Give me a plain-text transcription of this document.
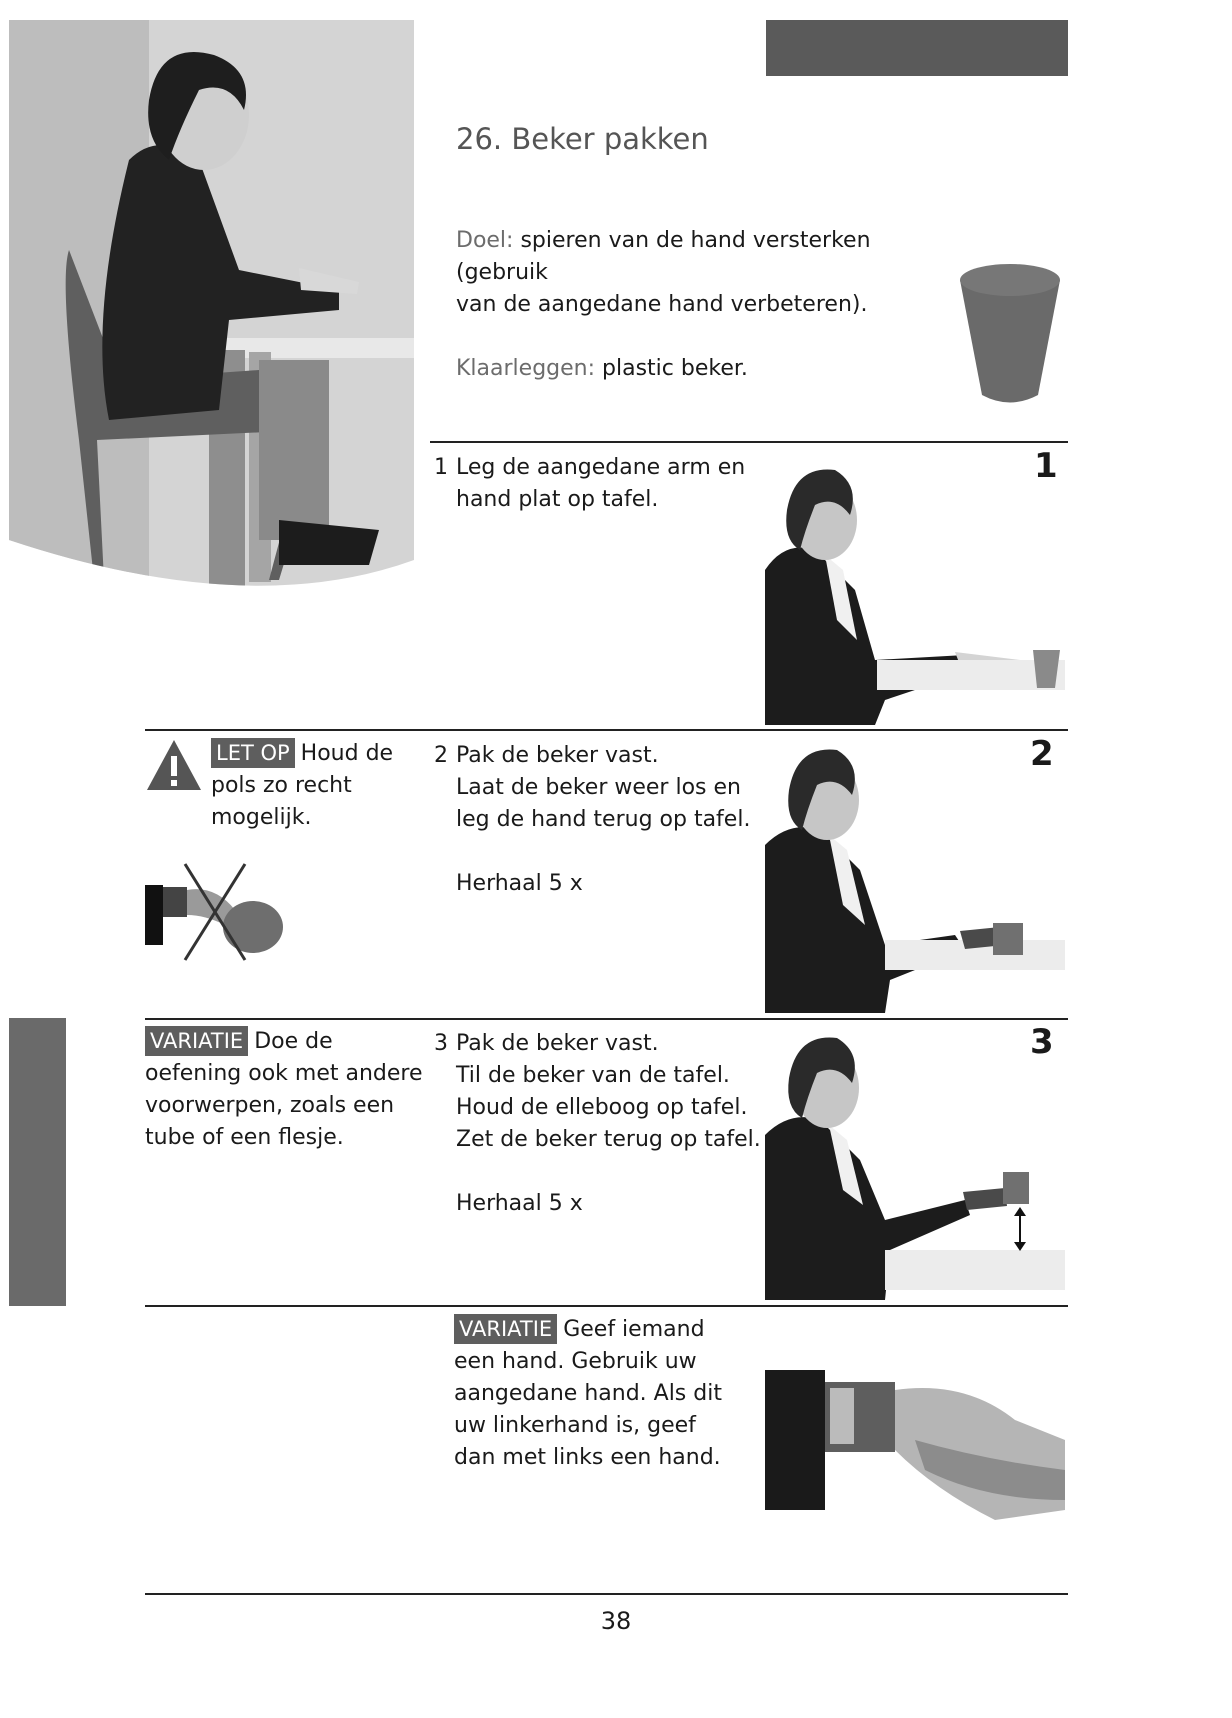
26. Beker pakken
Doel: spieren van de hand versterken (gebruik
van de aangedane hand verbeteren).
Klaarleggen: plastic beker.
1 Leg de aangedane arm en
hand plat op tafel.
1
LET OP Houd de
pols zo recht
mogelijk.
2 Pak de beker vast.
Laat de beker weer los en
leg de hand terug op tafel.
Herhaal 5 x
2
VARIATIE Doe de
oefening ook met andere
voorwerpen, zoals een
tube of een flesje.
3 Pak de beker vast.
Til de beker van de tafel.
Houd de elleboog op tafel.
Zet de beker terug op tafel.
Herhaal 5 x
3
VARIATIE Geef iemand
een hand. Gebruik uw
aangedane hand. Als dit
uw linkerhand is, geef
dan met links een hand.
38
